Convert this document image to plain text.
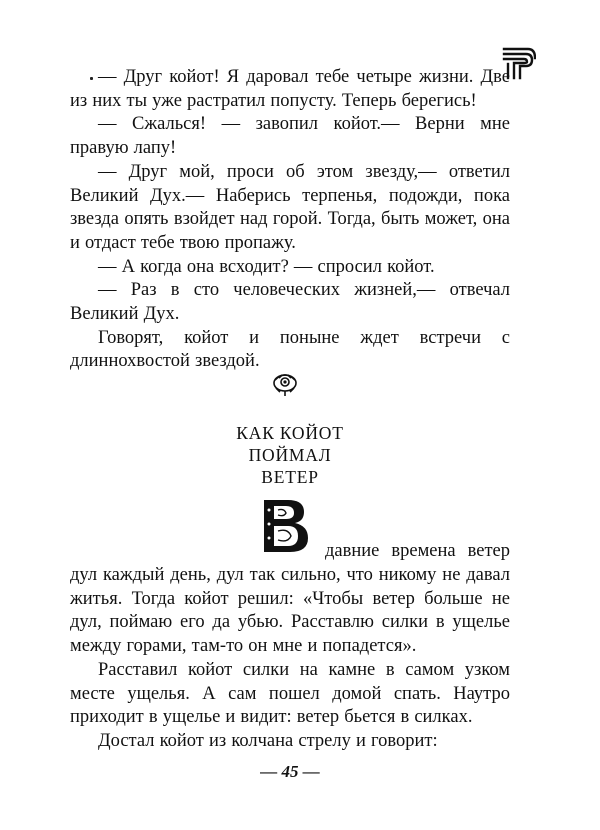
— Друг койот! Я даровал тебе четыре жизни. Две из них ты уже растратил попусту. Теперь берегись!

— Сжалься! — завопил койот.— Верни мне правую лапу!

— Друг мой, проси об этом звезду,— ответил Великий Дух.— Наберись терпенья, подожди, пока звезда опять взойдет над горой. Тогда, быть может, она и отдаст тебе твою пропажу.

— А когда она всходит? — спросил койот.

— Раз в сто человеческих жизней,— отвечал Великий Дух.

Говорят, койот и поныне ждет встречи с длиннохвостой звездой.

КАК КОЙОТ
ПОЙМАЛ
ВЕТЕР

давние времена ветер

дул каждый день, дул так сильно, что никому не давал житья. Тогда койот решил: «Чтобы ветер больше не дул, поймаю его да убью. Расставлю силки в ущелье между горами, там-то он мне и попадется».

Расставил койот силки на камне в самом узком месте ущелья. А сам пошел домой спать. Наутро приходит в ущелье и видит: ветер бьется в силках.

Достал койот из колчана стрелу и говорит:

— 45 —
